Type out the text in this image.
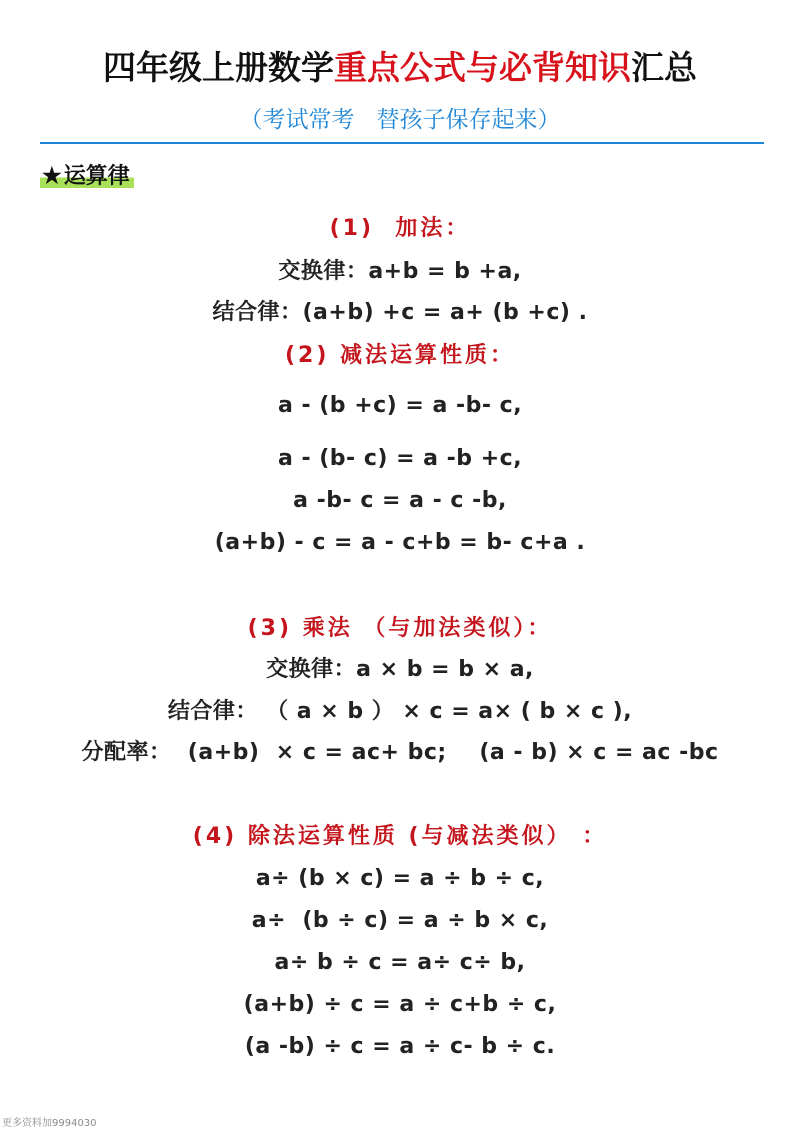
四年级上册数学重点公式与必背知识汇总
（考试常考 替孩子保存起来）
★运算律
(1)  加法：
交换律：a+b = b +a,
结合律：(a+b) +c = a+ (b +c) .
(2) 减法运算性质：
a - (b +c) = a -b- c,
a - (b- c) = a -b +c,
a -b- c = a - c -b,
(a+b) - c = a - c+b = b- c+a .
(3) 乘法 （与加法类似）：
交换律：a × b = b × a,
结合律： （ a × b ） × c = a× ( b × c ),
分配率：  (a+b)  × c = ac+ bc;    (a - b) × c = ac -bc
(4) 除法运算性质 (与减法类似） ：
a÷ (b × c) = a ÷ b ÷ c,
a÷  (b ÷ c) = a ÷ b × c,
a÷ b ÷ c = a÷ c÷ b,
(a+b) ÷ c = a ÷ c+b ÷ c,
(a -b) ÷ c = a ÷ c- b ÷ c.
更多资料加9994030
